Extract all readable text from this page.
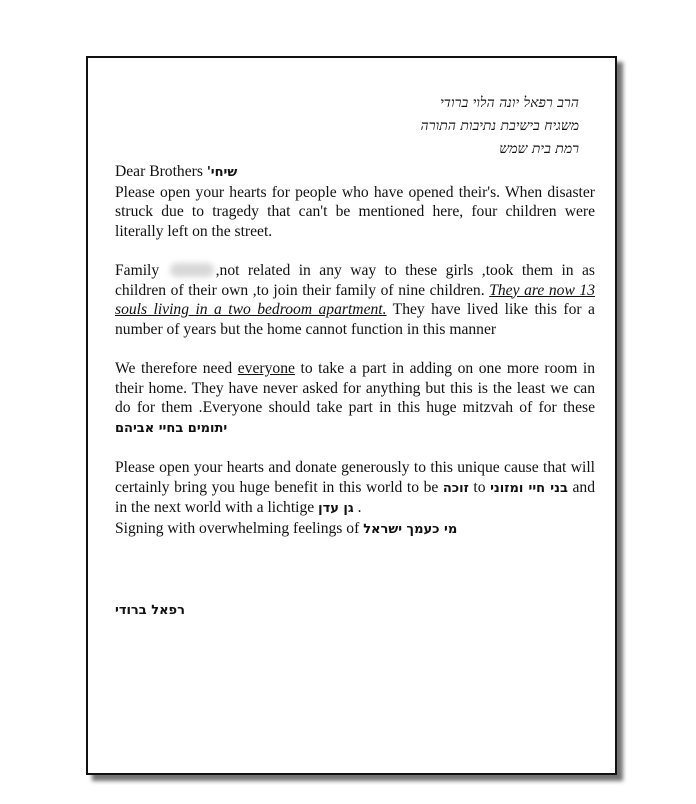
הרב רפאל יונה הלוי ברודי
משגיח בישיבת נתיבות התורה
רמת בית שמש
Dear Brothers שיחי'

Please open your hearts for people who have opened their's. When disaster struck due to tragedy that can't be mentioned here, four children were literally left on the street.

Family	,not related in any way to these girls ,took them in as children of their own ,to join their family of nine children. They are now 13 souls living in a two bedroom apartment. They have lived like this for a number of years but the home cannot function in this manner

We therefore need everyone to take a part in adding on one more room in their home. They have never asked for anything but this is the least we can do for them .Everyone should take part in this huge mitzvah of for these יתומים בחיי אביהם

Please open your hearts and donate generously to this unique cause that will certainly bring you huge benefit in this world to be זוכה to בני חיי ומזוני and in the next world with a lichtige גן עדן .
Signing with overwhelming feelings of מי כעמך ישראל
רפאל ברודי
